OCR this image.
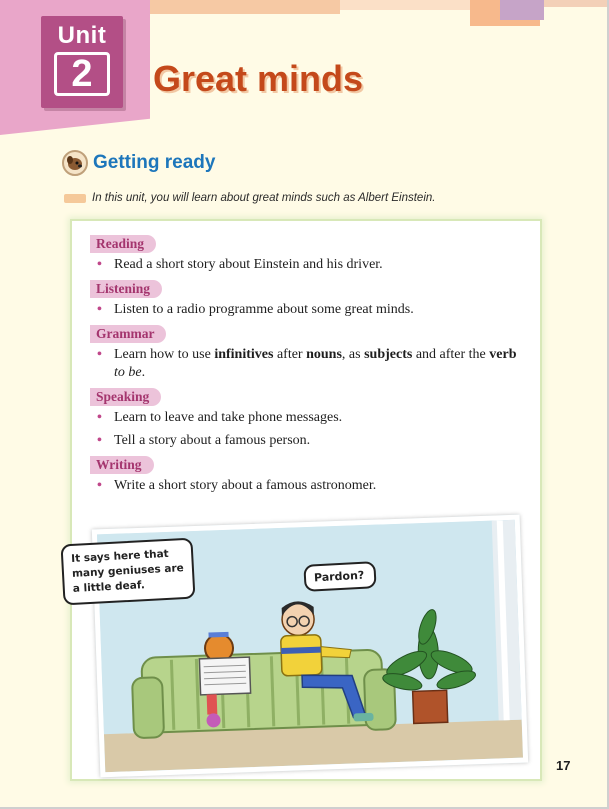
Unit
2	Great minds
Getting ready
In this unit, you will learn about great minds such as Albert Einstein.
Reading
• Read a short story about Einstein and his driver.
Listening
• Listen to a radio programme about some great minds.
Grammar
• Learn how to use infinitives after nouns, as subjects and after the verb to be.
Speaking
• Learn to leave and take phone messages.
• Tell a story about a famous person.
Writing
• Write a short story about a famous astronomer.
It says here that
many geniuses are
a little deaf.
Pardon?
17
